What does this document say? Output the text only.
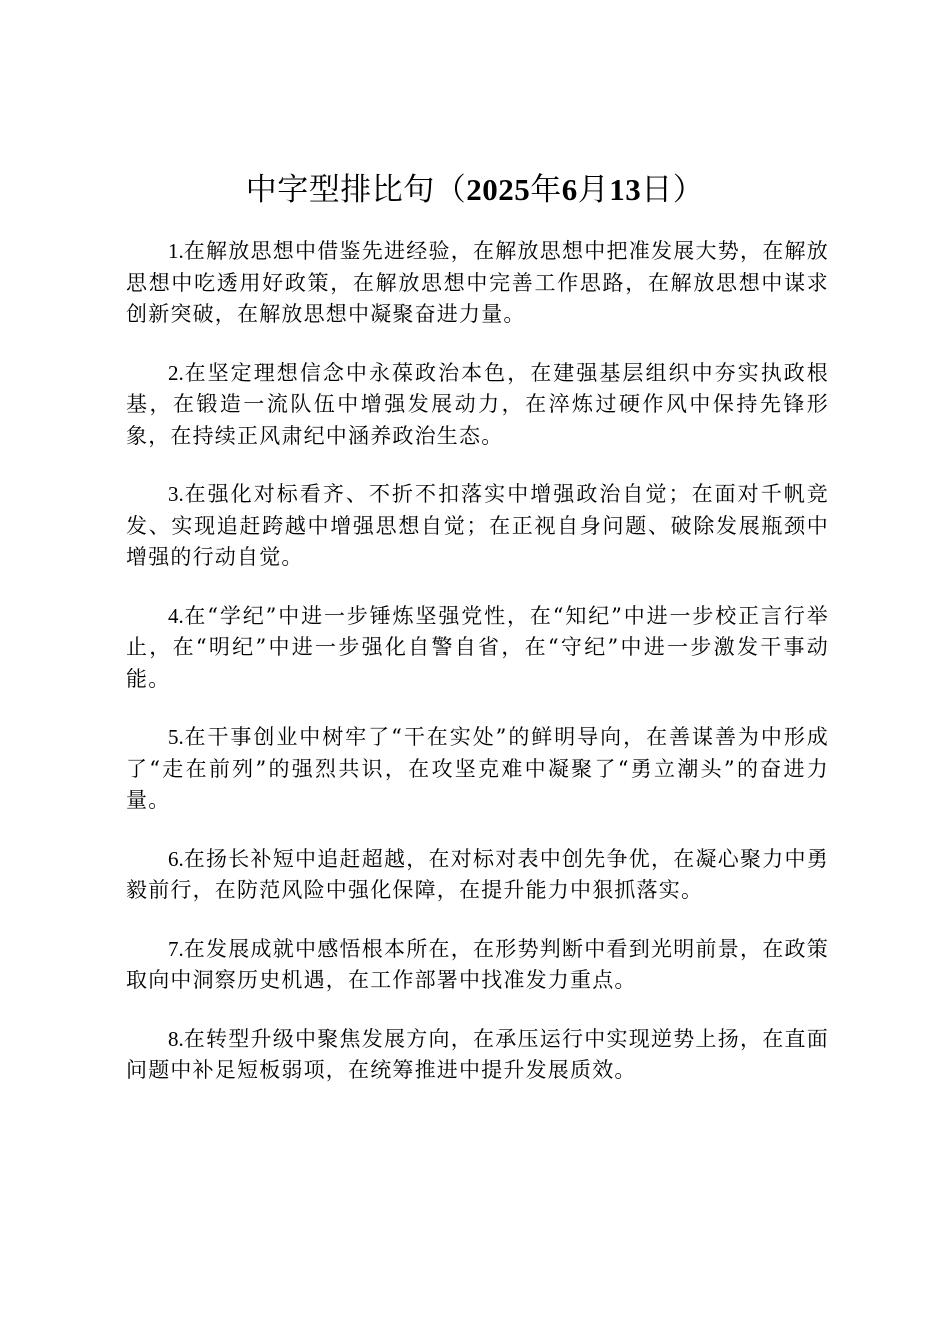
中字型排比句（2025年6月13日）

1.在解放思想中借鉴先进经验，在解放思想中把准发展大势，在解放思想中吃透用好政策，在解放思想中完善工作思路，在解放思想中谋求创新突破，在解放思想中凝聚奋进力量。

2.在坚定理想信念中永葆政治本色，在建强基层组织中夯实执政根基，在锻造一流队伍中增强发展动力，在淬炼过硬作风中保持先锋形象，在持续正风肃纪中涵养政治生态。

3.在强化对标看齐、不折不扣落实中增强政治自觉；在面对千帆竞发、实现追赶跨越中增强思想自觉；在正视自身问题、破除发展瓶颈中增强的行动自觉。

4.在“学纪”中进一步锤炼坚强党性，在“知纪”中进一步校正言行举止，在“明纪”中进一步强化自警自省，在“守纪”中进一步激发干事动能。

5.在干事创业中树牢了“干在实处”的鲜明导向，在善谋善为中形成了“走在前列”的强烈共识，在攻坚克难中凝聚了“勇立潮头”的奋进力量。

6.在扬长补短中追赶超越，在对标对表中创先争优，在凝心聚力中勇毅前行，在防范风险中强化保障，在提升能力中狠抓落实。

7.在发展成就中感悟根本所在，在形势判断中看到光明前景，在政策取向中洞察历史机遇，在工作部署中找准发力重点。

8.在转型升级中聚焦发展方向，在承压运行中实现逆势上扬，在直面问题中补足短板弱项，在统筹推进中提升发展质效。
